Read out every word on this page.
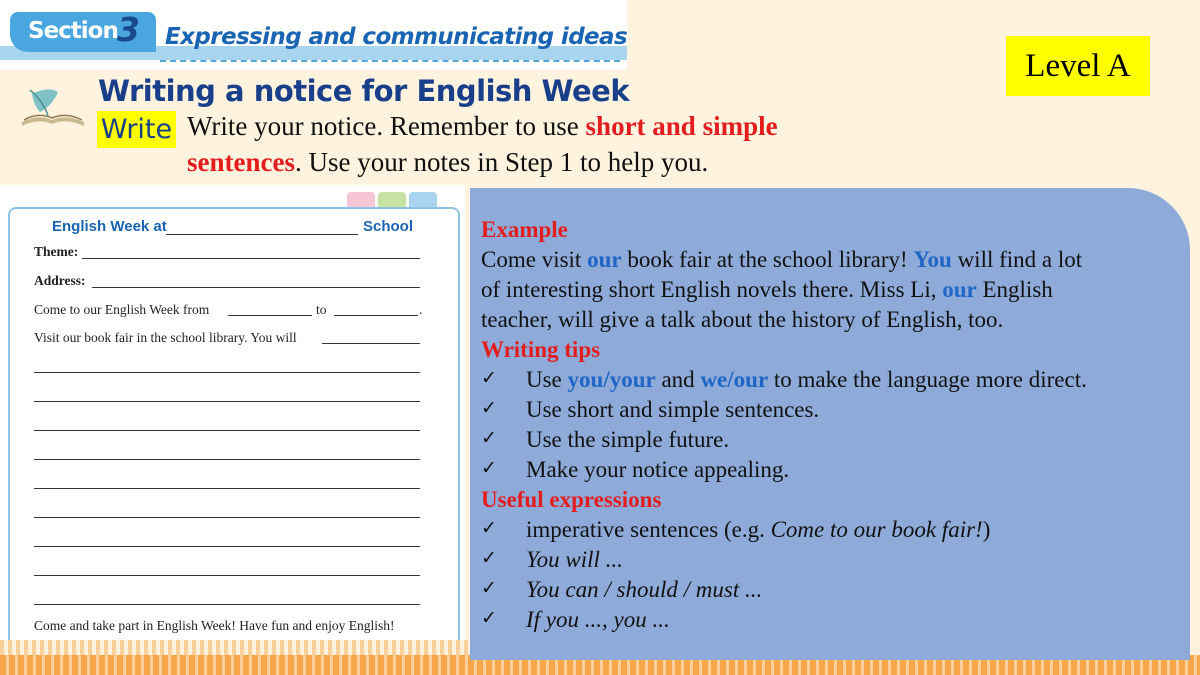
Section 3 Expressing and communicating ideas
Level A
Writing a notice for English Week
Write Write your notice. Remember to use short and simple
sentences. Use your notes in Step 1 to help you.
English Week at	School
Theme:
Address:
Come to our English Week from	to	.
Visit our book fair in the school library. You will
Come and take part in English Week! Have fun and enjoy English!
Example
Come visit our book fair at the school library! You will find a lot
of interesting short English novels there. Miss Li, our English
teacher, will give a talk about the history of English, too.
Writing tips
✓ Use you/your and we/our to make the language more direct.
✓ Use short and simple sentences.
✓ Use the simple future.
✓ Make your notice appealing.
Useful expressions
✓ imperative sentences (e.g. Come to our book fair!)
✓ You will ...
✓ You can / should / must ...
✓ If you ..., you ...
